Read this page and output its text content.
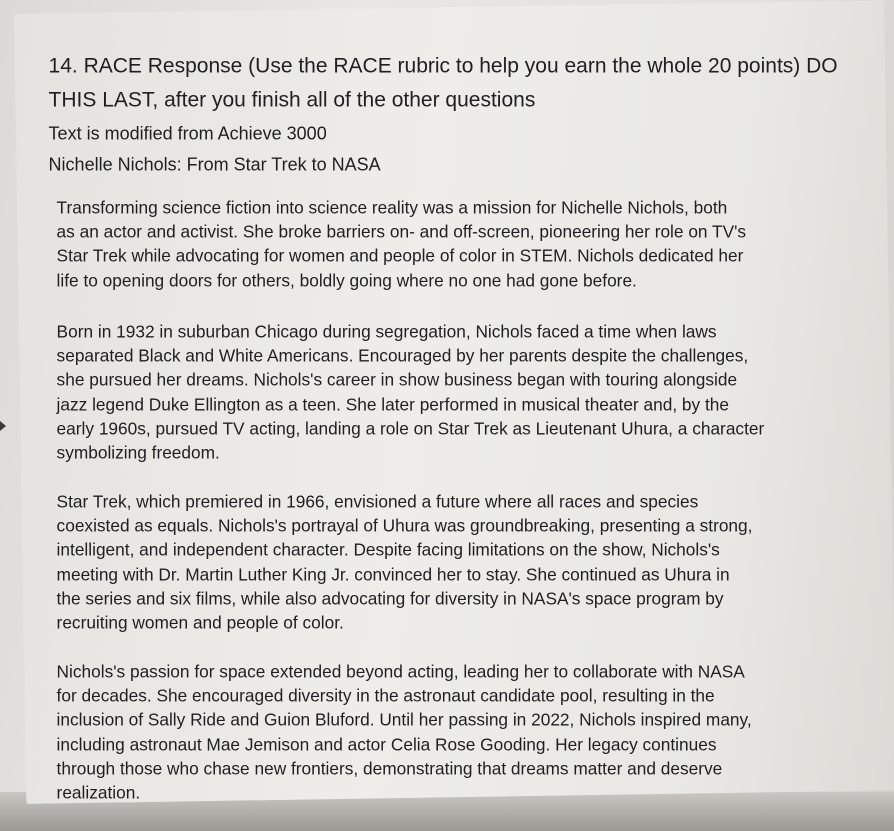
14. RACE Response (Use the RACE rubric to help you earn the whole 20 points) DO
THIS LAST, after you finish all of the other questions

Text is modified from Achieve 3000

Nichelle Nichols: From Star Trek to NASA

Transforming science fiction into science reality was a mission for Nichelle Nichols, both
as an actor and activist. She broke barriers on- and off-screen, pioneering her role on TV's
Star Trek while advocating for women and people of color in STEM. Nichols dedicated her
life to opening doors for others, boldly going where no one had gone before.
Born in 1932 in suburban Chicago during segregation, Nichols faced a time when laws
separated Black and White Americans. Encouraged by her parents despite the challenges,
she pursued her dreams. Nichols's career in show business began with touring alongside
jazz legend Duke Ellington as a teen. She later performed in musical theater and, by the
early 1960s, pursued TV acting, landing a role on Star Trek as Lieutenant Uhura, a character
symbolizing freedom.
Star Trek, which premiered in 1966, envisioned a future where all races and species
coexisted as equals. Nichols's portrayal of Uhura was groundbreaking, presenting a strong,
intelligent, and independent character. Despite facing limitations on the show, Nichols's
meeting with Dr. Martin Luther King Jr. convinced her to stay. She continued as Uhura in
the series and six films, while also advocating for diversity in NASA's space program by
recruiting women and people of color.
Nichols's passion for space extended beyond acting, leading her to collaborate with NASA
for decades. She encouraged diversity in the astronaut candidate pool, resulting in the
inclusion of Sally Ride and Guion Bluford. Until her passing in 2022, Nichols inspired many,
including astronaut Mae Jemison and actor Celia Rose Gooding. Her legacy continues
through those who chase new frontiers, demonstrating that dreams matter and deserve
realization.
